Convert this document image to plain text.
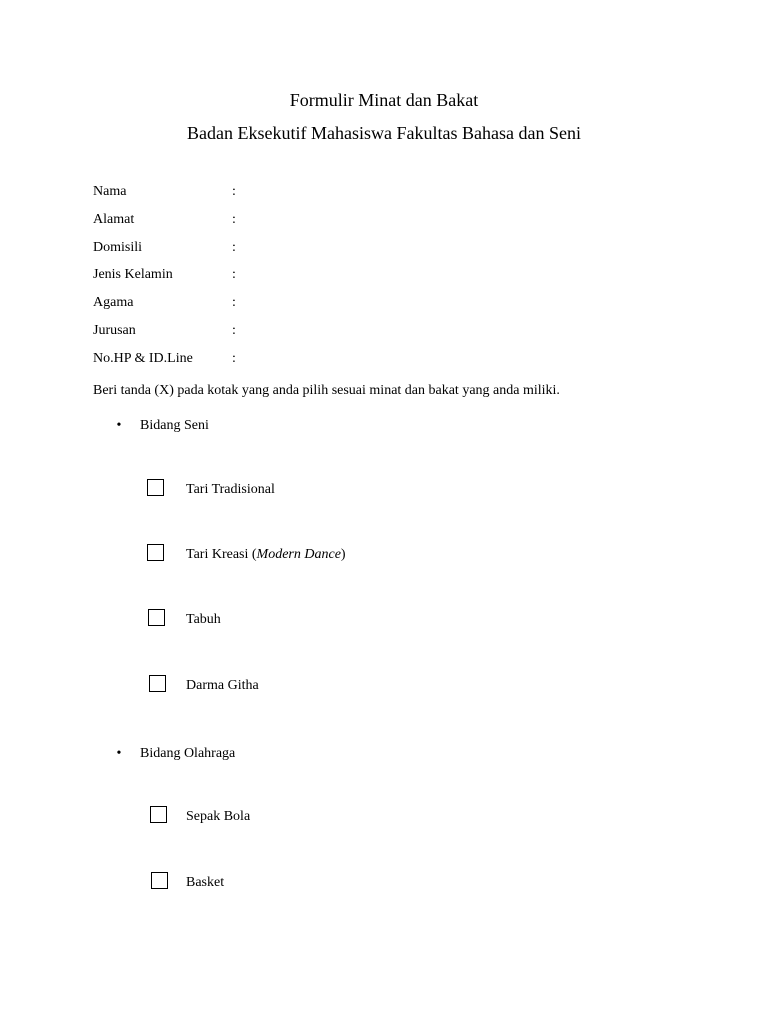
Formulir Minat dan Bakat
Badan Eksekutif Mahasiswa Fakultas Bahasa dan Seni
Nama	:
Alamat	:
Domisili	:
Jenis Kelamin	:
Agama	:
Jurusan	:
No.HP & ID.Line	:
Beri tanda (X) pada kotak yang anda pilih sesuai minat dan bakat yang anda miliki.
• Bidang Seni
Tari Tradisional
Tari Kreasi (Modern Dance)
Tabuh
Darma Githa
• Bidang Olahraga
Sepak Bola
Basket
